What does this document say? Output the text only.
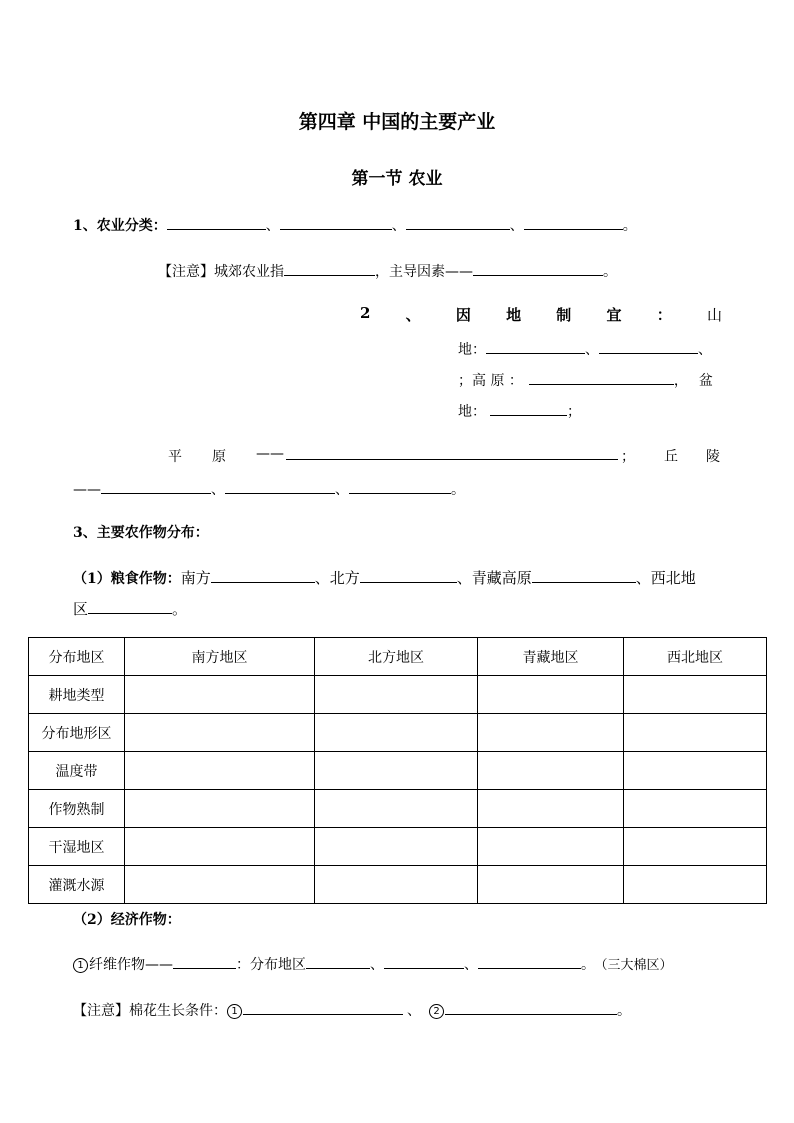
第四章 中国的主要产业
第一节 农业
1、农业分类：	、	、	、	。
【注意】城郊农业指	，主导因素——	。
2 、 因 地 制 宜 ： 山
地：	、	、
；高 原 ：	，盆
地：	；
平 原 ——	； 丘 陵
——	、	、	。
3、主要农作物分布：
（1）粮食作物：南方	、北方	、青藏高原	、西北地
区	。
分布地区	南方地区	北方地区	青藏地区	西北地区
耕地类型				
分布地形区				
温度带				
作物熟制				
干湿地区				
灌溉水源				
（2）经济作物：
1 纤维作物——	：分布地区	、	、	。 （三大棉区）
【注意】棉花生长条件： 1	、 2	。
